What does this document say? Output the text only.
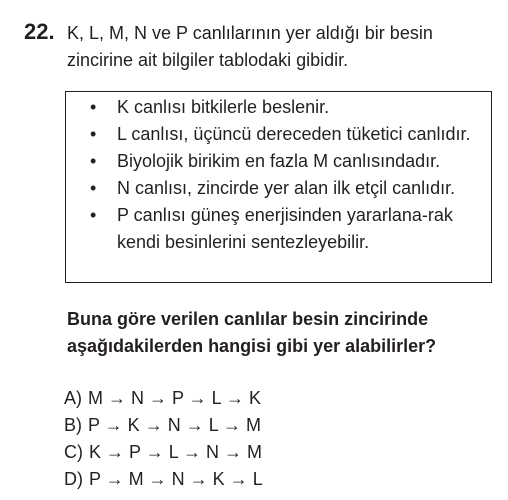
22. K, L, M, N ve P canlılarının yer aldığı bir besin zincirine ait bilgiler tablodaki gibidir.

• K canlısı bitkilerle beslenir.
• L canlısı, üçüncü dereceden tüketici canlıdır.
• Biyolojik birikim en fazla M canlısındadır.
• N canlısı, zincirde yer alan ilk etçil canlıdır.
• P canlısı güneş enerjisinden yararlana-rak kendi besinlerini sentezleyebilir.

Buna göre verilen canlılar besin zincirinde aşağıdakilerden hangisi gibi yer alabilirler?

A) M → N → P → L → K
B) P → K → N → L → M
C) K → P → L → N → M
D) P → M → N → K → L
